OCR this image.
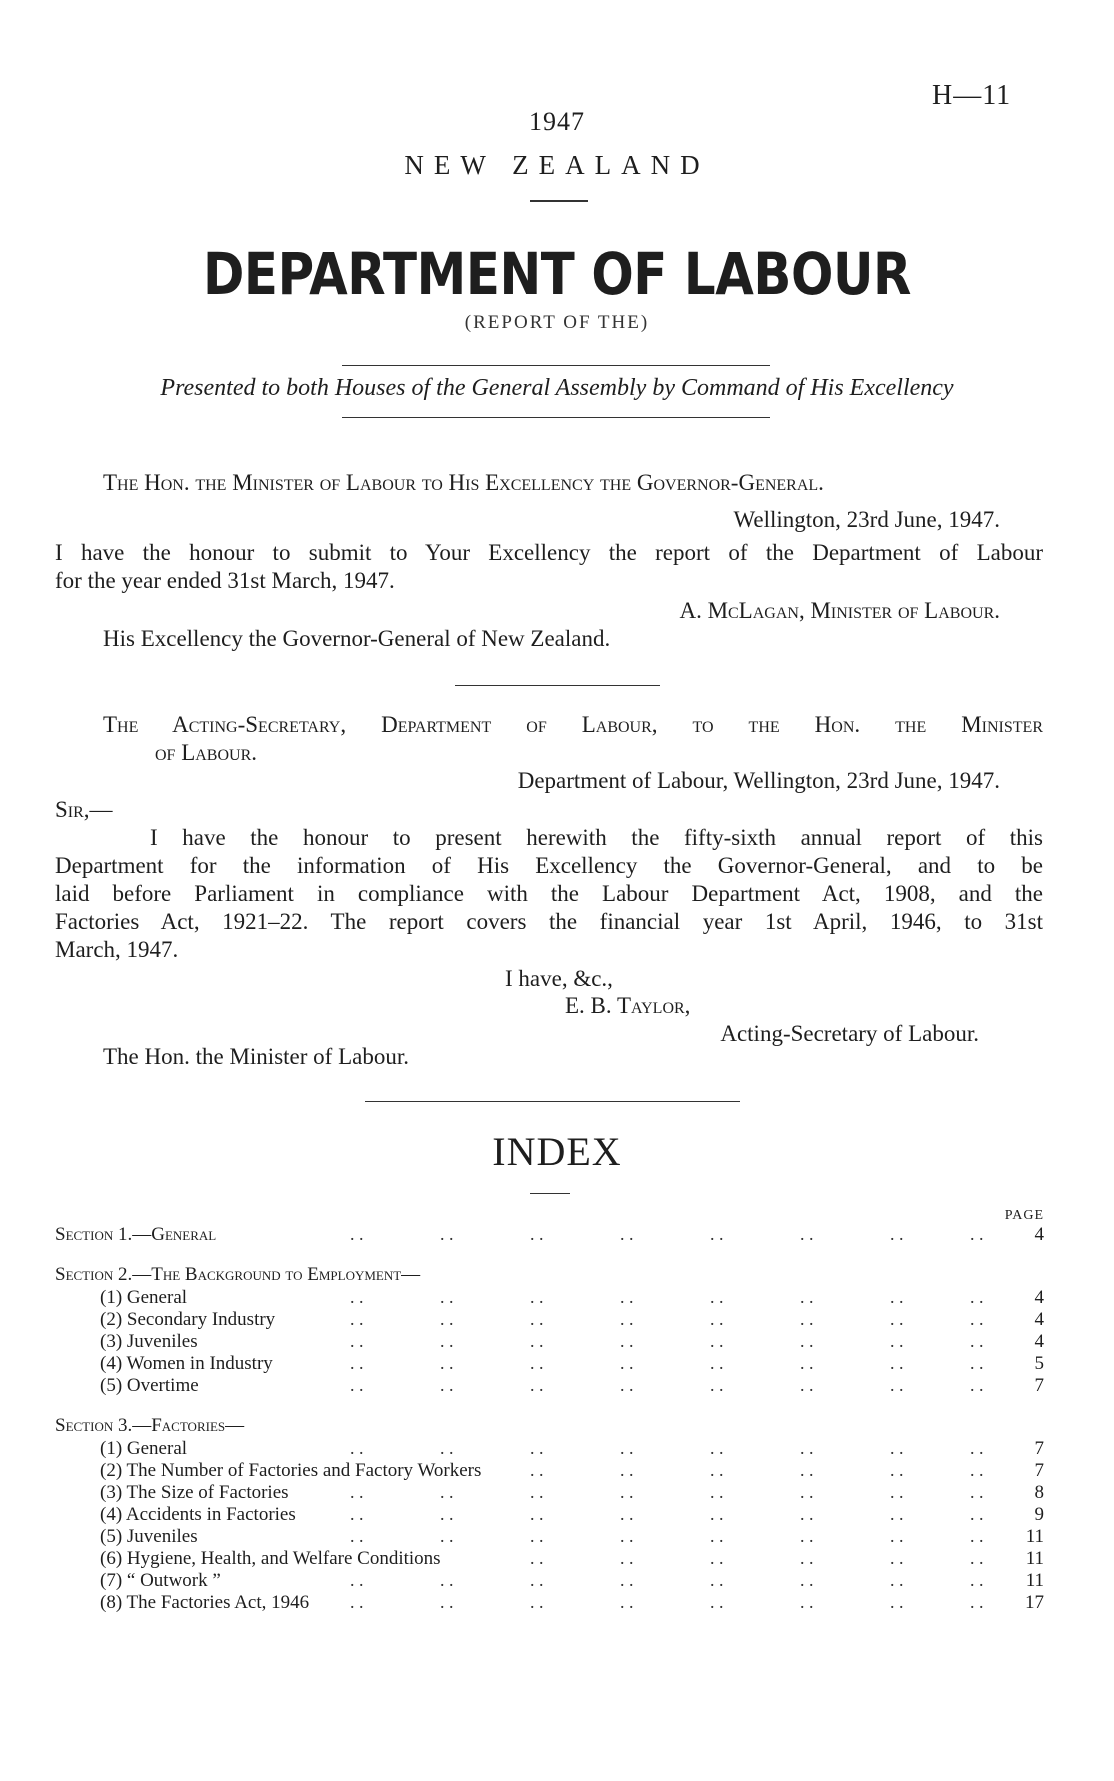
H—11
1947
NEW ZEALAND
DEPARTMENT OF LABOUR
(REPORT OF THE)
Presented to both Houses of the General Assembly by Command of His Excellency
The Hon. the Minister of Labour to His Excellency the Governor-General.
Wellington, 23rd June, 1947.
I have the honour to submit to Your Excellency the report of the Department of Labour
for the year ended 31st March, 1947.
A. McLagan, Minister of Labour.
His Excellency the Governor-General of New Zealand.
The Acting-Secretary, Department of Labour, to the Hon. the Minister
of Labour.
Department of Labour, Wellington, 23rd June, 1947.
Sir,—
I have the honour to present herewith the fifty-sixth annual report of this
Department for the information of His Excellency the Governor-General, and to be
laid before Parliament in compliance with the Labour Department Act, 1908, and the
Factories Act, 1921–22. The report covers the financial year 1st April, 1946, to 31st
March, 1947.
I have, &c.,
E. B. Taylor,
Acting-Secretary of Labour.
The Hon. the Minister of Labour.
INDEX
PAGE
Section 1.—General	. .	. .	. .	. .	. .	. .	. .	. .	4
Section 2.—The Background to Employment—
(1) General	4
(2) Secondary Industry	4
(3) Juveniles	4
(4) Women in Industry	5
(5) Overtime	7
Section 3.—Factories—
(1) General	7
(2) The Number of Factories and Factory Workers	7
(3) The Size of Factories	8
(4) Accidents in Factories	9
(5) Juveniles	11
(6) Hygiene, Health, and Welfare Conditions	11
(7) “ Outwork ”	11
(8) The Factories Act, 1946	17
. .	. .	. .	. .	. .	. .	. .	. .
. .	. .	. .	. .	. .	. .	. .	. .
. .	. .	. .	. .	. .	. .	. .	. .
. .	. .	. .	. .	. .	. .	. .	. .
. .	. .	. .	. .	. .	. .	. .	. .
. .	. .	. .	. .	. .	. .	. .	. .
. .	. .	. .	. .	. .	. .
. .	. .	. .	. .	. .	. .	. .	. .
. .	. .	. .	. .	. .	. .	. .	. .
. .	. .	. .	. .	. .	. .	. .	. .
. .	. .	. .	. .	. .	. .
. .	. .	. .	. .	. .	. .	. .	. .
. .	. .	. .	. .	. .	. .	. .	. .
